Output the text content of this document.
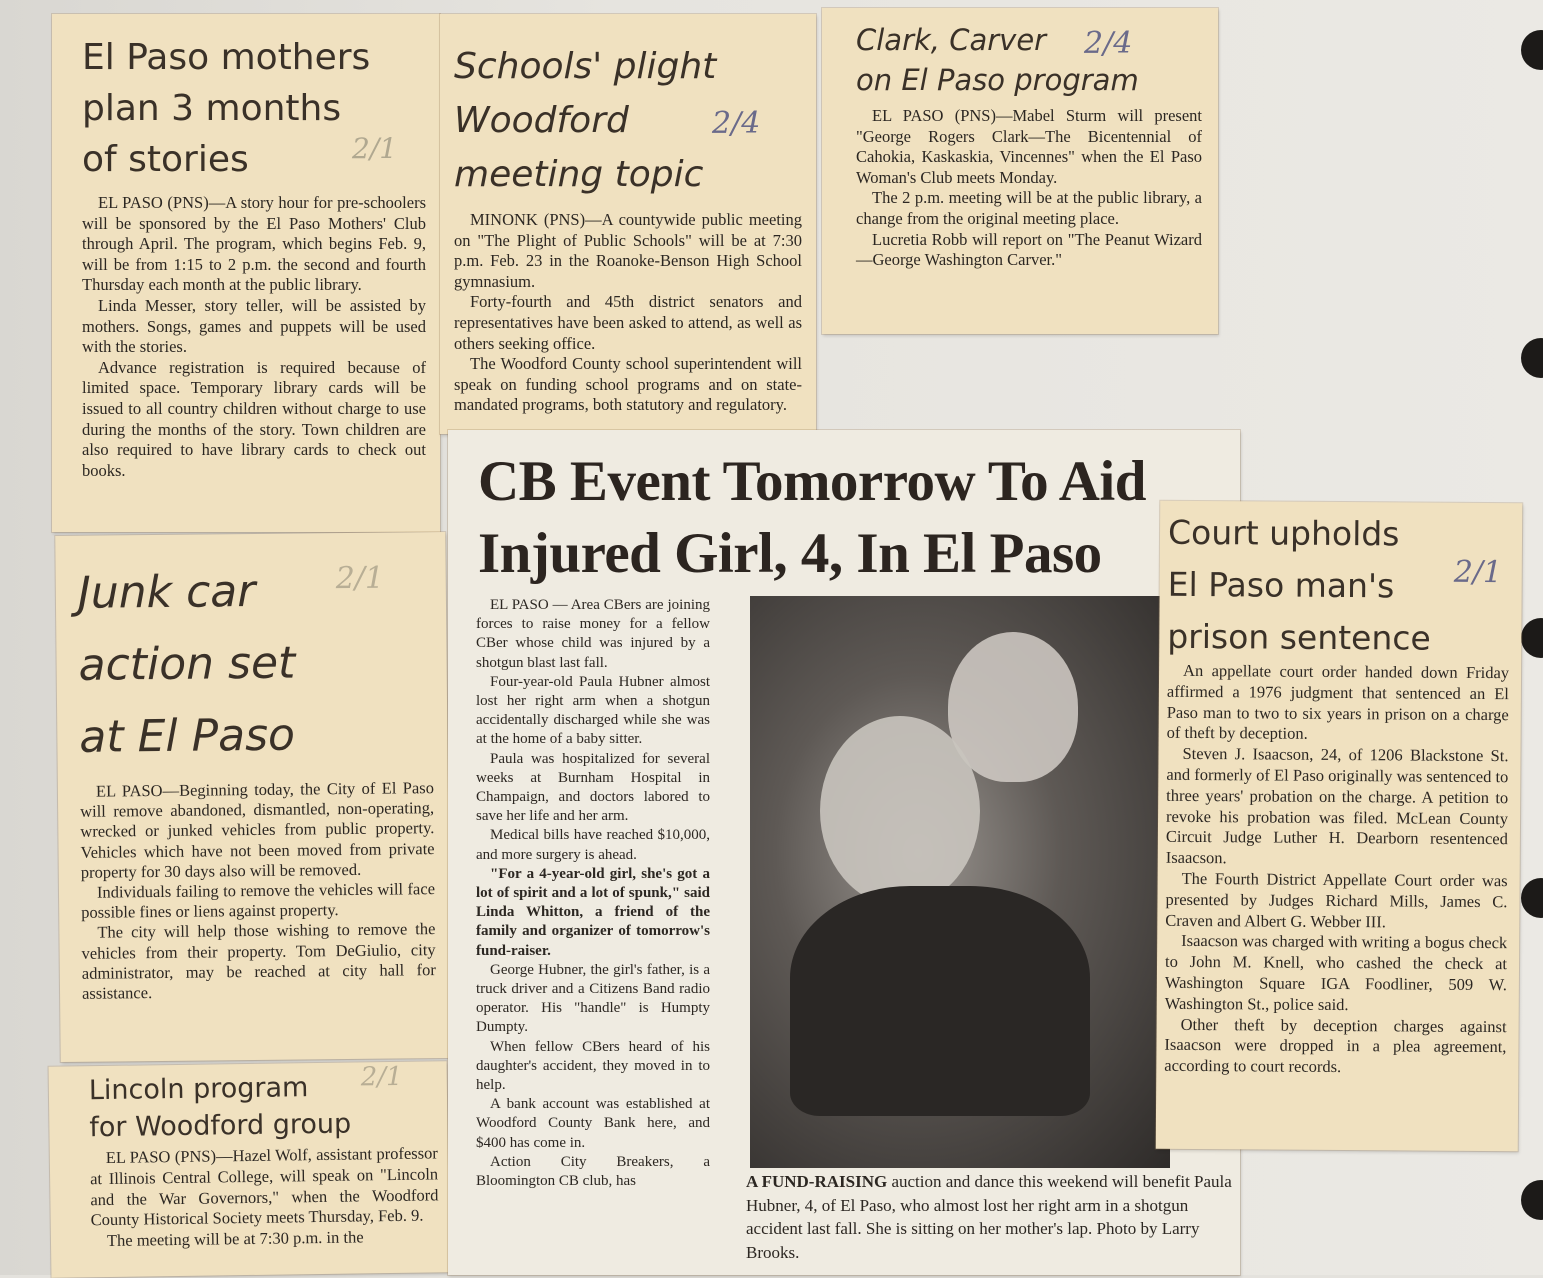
El Paso mothers
plan 3 months
of stories

EL PASO (PNS)—A story hour for pre-schoolers will be sponsored by the El Paso Mothers' Club through April. The program, which begins Feb. 9, will be from 1:15 to 2 p.m. the second and fourth Thursday each month at the public library.

Linda Messer, story teller, will be assisted by mothers. Songs, games and puppets will be used with the stories.

Advance registration is required because of limited space. Temporary library cards will be issued to all country children without charge to use during the months of the story. Town children are also required to have library cards to check out books.

2/1
Schools' plight
Woodford
meeting topic

MINONK (PNS)—A countywide public meeting on "The Plight of Public Schools" will be at 7:30 p.m. Feb. 23 in the Roanoke-Benson High School gymnasium.

Forty-fourth and 45th district senators and representatives have been asked to attend, as well as others seeking office.

The Woodford County school superintendent will speak on funding school programs and on state-mandated programs, both statutory and regulatory.

2/4
Clark, Carver
on El Paso program

EL PASO (PNS)—Mabel Sturm will present "George Rogers Clark—The Bicentennial of Cahokia, Kaskaskia, Vincennes" when the El Paso Woman's Club meets Monday.

The 2 p.m. meeting will be at the public library, a change from the original meeting place.

Lucretia Robb will report on "The Peanut Wizard—George Washington Carver."

2/4
Junk car
action set
at El Paso

EL PASO—Beginning today, the City of El Paso will remove abandoned, dismantled, non-operating, wrecked or junked vehicles from public property. Vehicles which have not been moved from private property for 30 days also will be removed.

Individuals failing to remove the vehicles will face possible fines or liens against property.

The city will help those wishing to remove the vehicles from their property. Tom DeGiulio, city administrator, may be reached at city hall for assistance.

2/1
Lincoln program
for Woodford group

EL PASO (PNS)—Hazel Wolf, assistant professor at Illinois Central College, will speak on "Lincoln and the War Governors," when the Woodford County Historical Society meets Thursday, Feb. 9.

The meeting will be at 7:30 p.m. in the

2/1
CB Event Tomorrow To Aid
Injured Girl, 4, In El Paso

EL PASO — Area CBers are joining forces to raise money for a fellow CBer whose child was injured by a shotgun blast last fall.

Four-year-old Paula Hubner almost lost her right arm when a shotgun accidentally discharged while she was at the home of a baby sitter.

Paula was hospitalized for several weeks at Burnham Hospital in Champaign, and doctors labored to save her life and her arm.

Medical bills have reached $10,000, and more surgery is ahead.

"For a 4-year-old girl, she's got a lot of spirit and a lot of spunk," said Linda Whitton, a friend of the family and organizer of tomorrow's fund-raiser.

George Hubner, the girl's father, is a truck driver and a Citizens Band radio operator. His "handle" is Humpty Dumpty.

When fellow CBers heard of his daughter's accident, they moved in to help.

A bank account was established at Woodford County Bank here, and $400 has come in.

Action City Breakers, a Bloomington CB club, has	A FUND-RAISING auction and dance this weekend will benefit Paula Hubner, 4, of El Paso, who almost lost her right arm in a shotgun accident last fall. She is sitting on her mother's lap. Photo by Larry Brooks.
Court upholds
El Paso man's
prison sentence

An appellate court order handed down Friday affirmed a 1976 judgment that sentenced an El Paso man to two to six years in prison on a charge of theft by deception.

Steven J. Isaacson, 24, of 1206 Blackstone St. and formerly of El Paso originally was sentenced to three years' probation on the charge. A petition to revoke his probation was filed. McLean County Circuit Judge Luther H. Dearborn resentenced Isaacson.

The Fourth District Appellate Court order was presented by Judges Richard Mills, James C. Craven and Albert G. Webber III.

Isaacson was charged with writing a bogus check to John M. Knell, who cashed the check at Washington Square IGA Foodliner, 509 W. Washington St., police said.

Other theft by deception charges against Isaacson were dropped in a plea agreement, according to court records.

2/1
